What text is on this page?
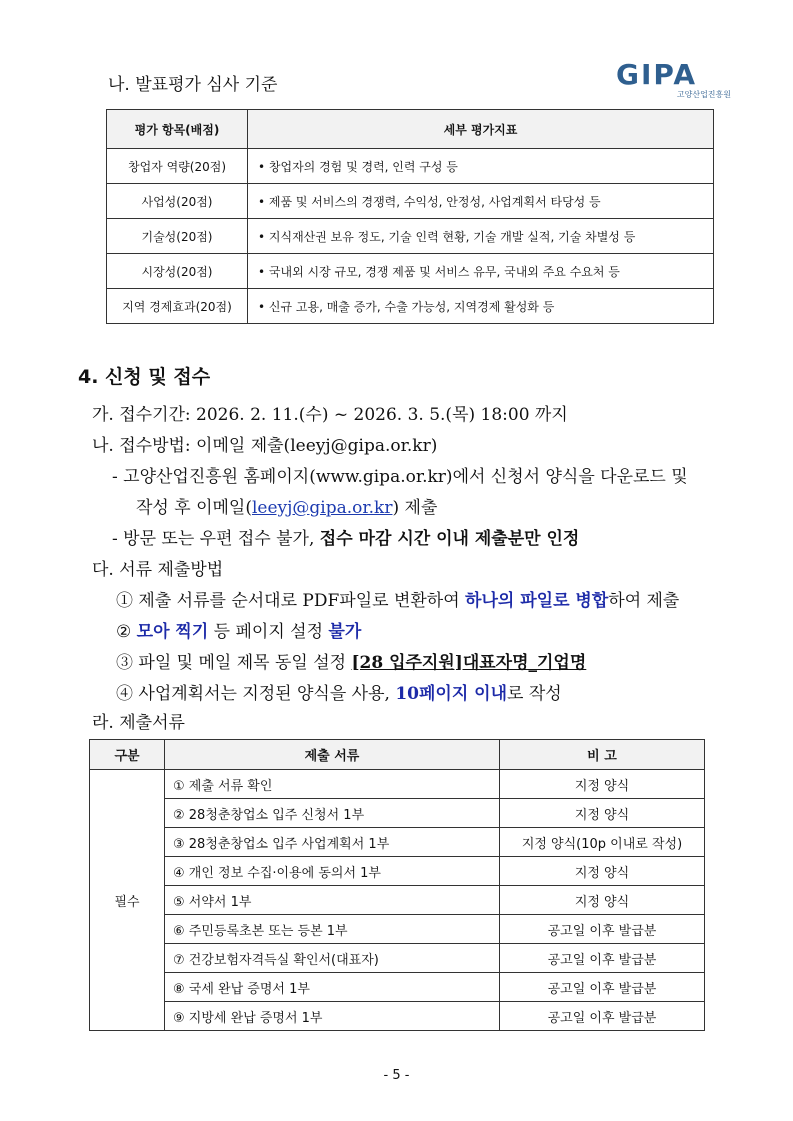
나. 발표평가 심사 기준	GIPA
고양산업진흥원
평가 항목(배점)	세부 평가지표
창업자 역량(20점)	• 창업자의 경험 및 경력, 인력 구성 등
사업성(20점)	• 제품 및 서비스의 경쟁력, 수익성, 안정성, 사업계획서 타당성 등
기술성(20점)	• 지식재산권 보유 정도, 기술 인력 현황, 기술 개발 실적, 기술 차별성 등
시장성(20점)	• 국내외 시장 규모, 경쟁 제품 및 서비스 유무, 국내외 주요 수요처 등
지역 경제효과(20점)	• 신규 고용, 매출 증가, 수출 가능성, 지역경제 활성화 등
4. 신청 및 접수
가. 접수기간: 2026. 2. 11.(수) ~ 2026. 3. 5.(목) 18:00 까지
나. 접수방법: 이메일 제출(leeyj@gipa.or.kr)
- 고양산업진흥원 홈페이지(www.gipa.or.kr)에서 신청서 양식을 다운로드 및
작성 후 이메일(leeyj@gipa.or.kr) 제출
- 방문 또는 우편 접수 불가, 접수 마감 시간 이내 제출분만 인정
다. 서류 제출방법
① 제출 서류를 순서대로 PDF파일로 변환하여 하나의 파일로 병합하여 제출
② 모아 찍기 등 페이지 설정 불가
③ 파일 및 메일 제목 동일 설정 [28 입주지원]대표자명_기업명
④ 사업계획서는 지정된 양식을 사용, 10페이지 이내로 작성
라. 제출서류
구분	제출 서류	비 고
필수	① 제출 서류 확인	지정 양식
	② 28청춘창업소 입주 신청서 1부	지정 양식
	③ 28청춘창업소 입주 사업계획서 1부	지정 양식(10p 이내로 작성)
	④ 개인 정보 수집·이용에 동의서 1부	지정 양식
	⑤ 서약서 1부	지정 양식
	⑥ 주민등록초본 또는 등본 1부	공고일 이후 발급분
	⑦ 건강보험자격득실 확인서(대표자)	공고일 이후 발급분
	⑧ 국세 완납 증명서 1부	공고일 이후 발급분
	⑨ 지방세 완납 증명서 1부	공고일 이후 발급분
- 5 -
